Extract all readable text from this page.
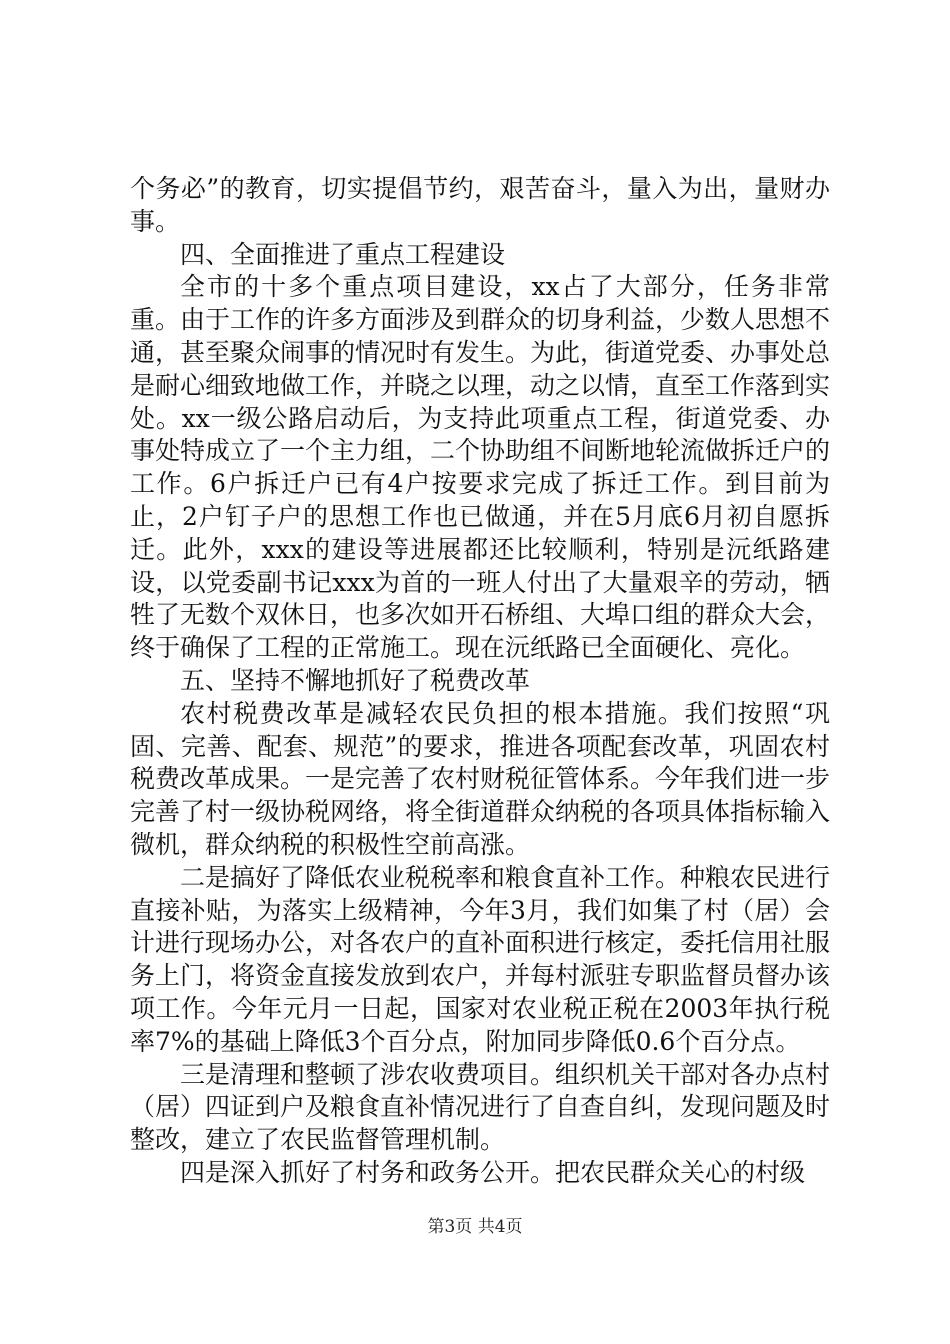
个务必”的教育，切实提倡节约，艰苦奋斗，量入为出，量财办事。

四、全面推进了重点工程建设

全市的十多个重点项目建设，xx占了大部分，任务非常重。由于工作的许多方面涉及到群众的切身利益，少数人思想不通，甚至聚众闹事的情况时有发生。为此，街道党委、办事处总是耐心细致地做工作，并晓之以理，动之以情，直至工作落到实处。xx一级公路启动后，为支持此项重点工程，街道党委、办事处特成立了一个主力组，二个协助组不间断地轮流做拆迁户的工作。6户拆迁户已有4户按要求完成了拆迁工作。到目前为止，2户钉子户的思想工作也已做通，并在5月底6月初自愿拆迁。此外，xxx的建设等进展都还比较顺利，特别是沅纸路建设，以党委副书记xxx为首的一班人付出了大量艰辛的劳动，牺牲了无数个双休日，也多次如开石桥组、大埠口组的群众大会，终于确保了工程的正常施工。现在沅纸路已全面硬化、亮化。

五、坚持不懈地抓好了税费改革

农村税费改革是减轻农民负担的根本措施。我们按照“巩固、完善、配套、规范”的要求，推进各项配套改革，巩固农村税费改革成果。一是完善了农村财税征管体系。今年我们进一步完善了村一级协税网络，将全街道群众纳税的各项具体指标输入微机，群众纳税的积极性空前高涨。

二是搞好了降低农业税税率和粮食直补工作。种粮农民进行直接补贴，为落实上级精神，今年3月，我们如集了村（居）会计进行现场办公，对各农户的直补面积进行核定，委托信用社服务上门，将资金直接发放到农户，并每村派驻专职监督员督办该项工作。今年元月一日起，国家对农业税正税在2003年执行税率7%的基础上降低3个百分点，附加同步降低0.6个百分点。

三是清理和整顿了涉农收费项目。组织机关干部对各办点村（居）四证到户及粮食直补情况进行了自查自纠，发现问题及时整改，建立了农民监督管理机制。

四是深入抓好了村务和政务公开。把农民群众关心的村级

第3页 共4页
